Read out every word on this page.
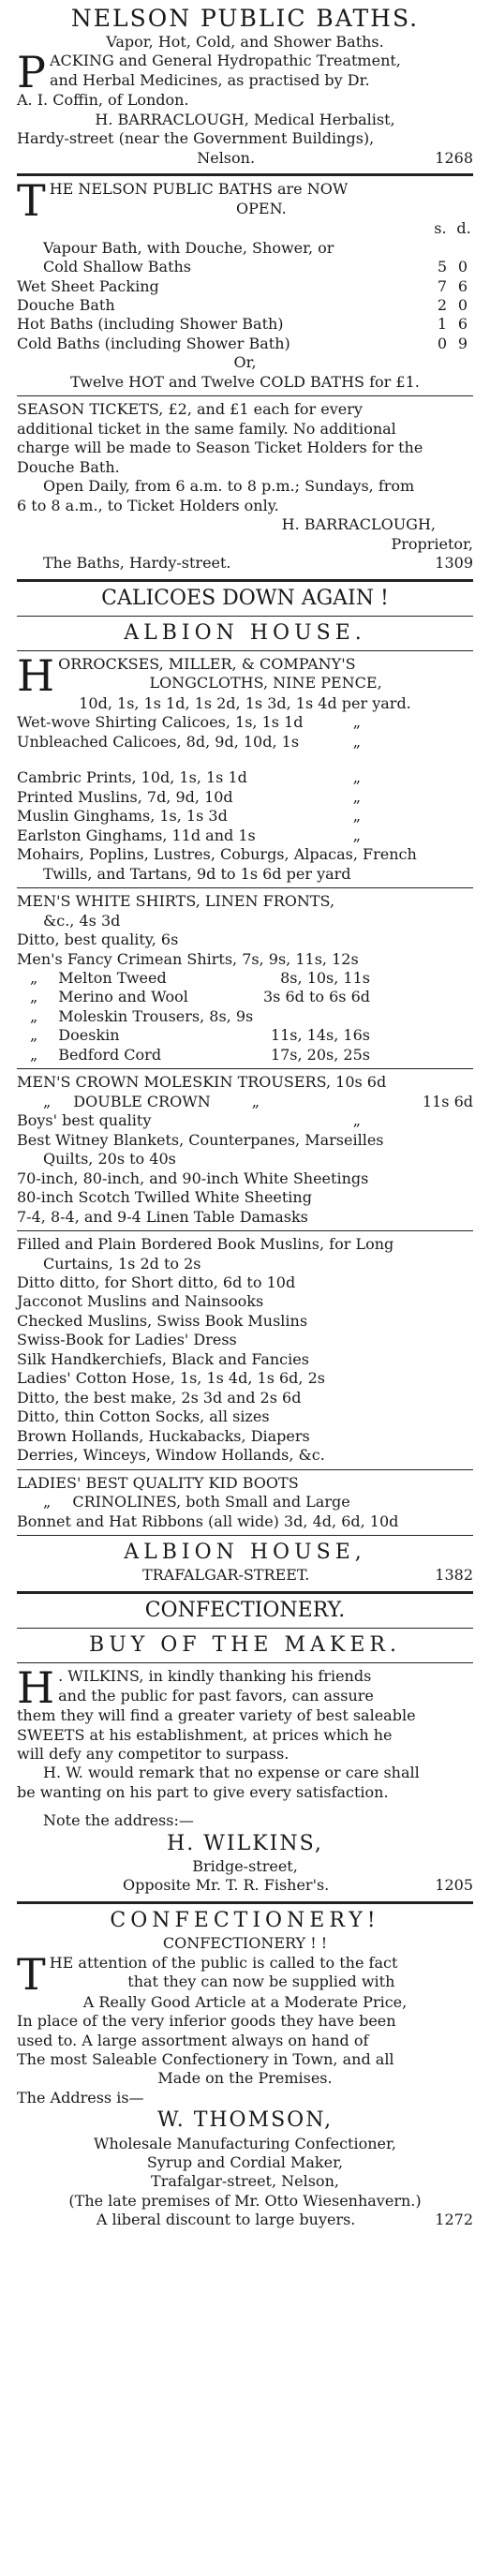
NELSON PUBLIC BATHS.
Vapor, Hot, Cold, and Shower Baths.
P ACKING and General Hydropathic Treatment,
and Herbal Medicines, as practised by Dr.
A. I. Coffin, of London.
H. BARRACLOUGH, Medical Herbalist,
Hardy-street (near the Government Buildings),
Nelson.	1268
T HE NELSON PUBLIC BATHS are NOW
OPEN.
s. d.
Vapour Bath, with Douche, Shower, or
Cold Shallow Baths	5	0
Wet Sheet Packing	7	6
Douche Bath	2	0
Hot Baths (including Shower Bath)	1	6
Cold Baths (including Shower Bath)	0	9
Or,
Twelve HOT and Twelve COLD BATHS for £1.
SEASON TICKETS, £2, and £1 each for every
additional ticket in the same family. No additional
charge will be made to Season Ticket Holders for the
Douche Bath.
Open Daily, from 6 a.m. to 8 p.m.; Sundays, from
6 to 8 a.m., to Ticket Holders only.
H. BARRACLOUGH,
Proprietor,
The Baths, Hardy-street.	1309
CALICOES DOWN AGAIN !
ALBION HOUSE.
H ORROCKSES, MILLER, & COMPANY'S
LONGCLOTHS, NINE PENCE,
10d, 1s, 1s 1d, 1s 2d, 1s 3d, 1s 4d per yard.
Wet-wove Shirting Calicoes, 1s, 1s 1d	„
Unbleached Calicoes, 8d, 9d, 10d, 1s	„
Cambric Prints, 10d, 1s, 1s 1d	„
Printed Muslins, 7d, 9d, 10d	„
Muslin Ginghams, 1s, 1s 3d	„
Earlston Ginghams, 11d and 1s	„
Mohairs, Poplins, Lustres, Coburgs, Alpacas, French
Twills, and Tartans, 9d to 1s 6d per yard
MEN'S WHITE SHIRTS, LINEN FRONTS,
&c., 4s 3d
Ditto, best quality, 6s
Men's Fancy Crimean Shirts, 7s, 9s, 11s, 12s
„ Melton Tweed	8s, 10s, 11s
„ Merino and Wool	3s 6d to 6s 6d
„ Moleskin Trousers, 8s, 9s
„ Doeskin	11s, 14s, 16s
„ Bedford Cord	17s, 20s, 25s
MEN'S CROWN MOLESKIN TROUSERS, 10s 6d
„ DOUBLE CROWN	„	11s 6d
Boys' best quality	„
Best Witney Blankets, Counterpanes, Marseilles
Quilts, 20s to 40s
70-inch, 80-inch, and 90-inch White Sheetings
80-inch Scotch Twilled White Sheeting
7-4, 8-4, and 9-4 Linen Table Damasks
Filled and Plain Bordered Book Muslins, for Long
Curtains, 1s 2d to 2s
Ditto ditto, for Short ditto, 6d to 10d
Jacconot Muslins and Nainsooks
Checked Muslins, Swiss Book Muslins
Swiss-Book for Ladies' Dress
Silk Handkerchiefs, Black and Fancies
Ladies' Cotton Hose, 1s, 1s 4d, 1s 6d, 2s
Ditto, the best make, 2s 3d and 2s 6d
Ditto, thin Cotton Socks, all sizes
Brown Hollands, Huckabacks, Diapers
Derries, Winceys, Window Hollands, &c.
LADIES' BEST QUALITY KID BOOTS
„ CRINOLINES, both Small and Large
Bonnet and Hat Ribbons (all wide) 3d, 4d, 6d, 10d
ALBION HOUSE,
TRAFALGAR-STREET.	1382
CONFECTIONERY.
BUY OF THE MAKER.
H . WILKINS, in kindly thanking his friends
and the public for past favors, can assure
them they will find a greater variety of best saleable
SWEETS at his establishment, at prices which he
will defy any competitor to surpass.
H. W. would remark that no expense or care shall
be wanting on his part to give every satisfaction.
Note the address:—
H. WILKINS,
Bridge-street,
Opposite Mr. T. R. Fisher's.	1205
CONFECTIONERY!
CONFECTIONERY ! !
T HE attention of the public is called to the fact
that they can now be supplied with
A Really Good Article at a Moderate Price,
In place of the very inferior goods they have been
used to. A large assortment always on hand of
The most Saleable Confectionery in Town, and all
Made on the Premises.
The Address is—
W. THOMSON,
Wholesale Manufacturing Confectioner,
Syrup and Cordial Maker,
Trafalgar-street, Nelson,
(The late premises of Mr. Otto Wiesenhavern.)
A liberal discount to large buyers.	1272
